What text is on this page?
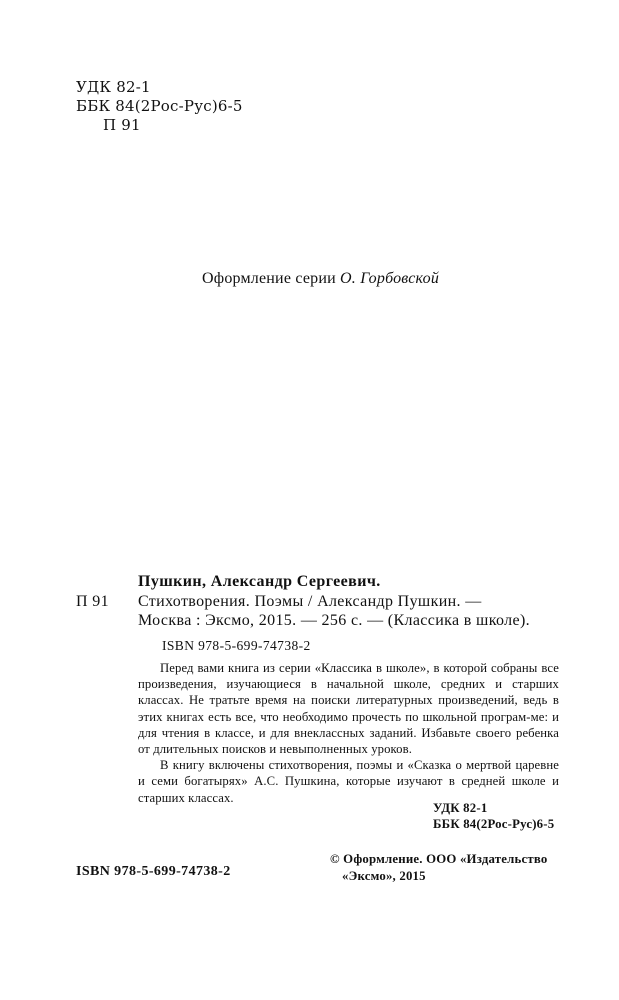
УДК 82-1
ББК 84(2Рос-Рус)6-5
П 91
Оформление серии О. Горбовской
Пушкин, Александр Сергеевич.
П 91 Стихотворения. Поэмы / Александр Пушкин. —
Москва : Эксмо, 2015. — 256 с. — (Классика в школе).
ISBN 978-5-699-74738-2

Перед вами книга из серии «Классика в школе», в которой собраны все произведения, изучающиеся в начальной школе, средних и старших классах. Не тратьте время на поиски литературных произведений, ведь в этих книгах есть все, что необходимо прочесть по школьной програм-ме: и для чтения в классе, и для внеклассных заданий. Избавьте своего ребенка от длительных поисков и невыполненных уроков.

В книгу включены стихотворения, поэмы и «Сказка о мертвой царевне и семи богатырях» А.С. Пушкина, которые изучают в средней школе и старших классах.

УДК 82-1
ББК 84(2Рос-Рус)6-5
ISBN 978-5-699-74738-2
© Оформление. ООО «Издательство
«Эксмо», 2015
